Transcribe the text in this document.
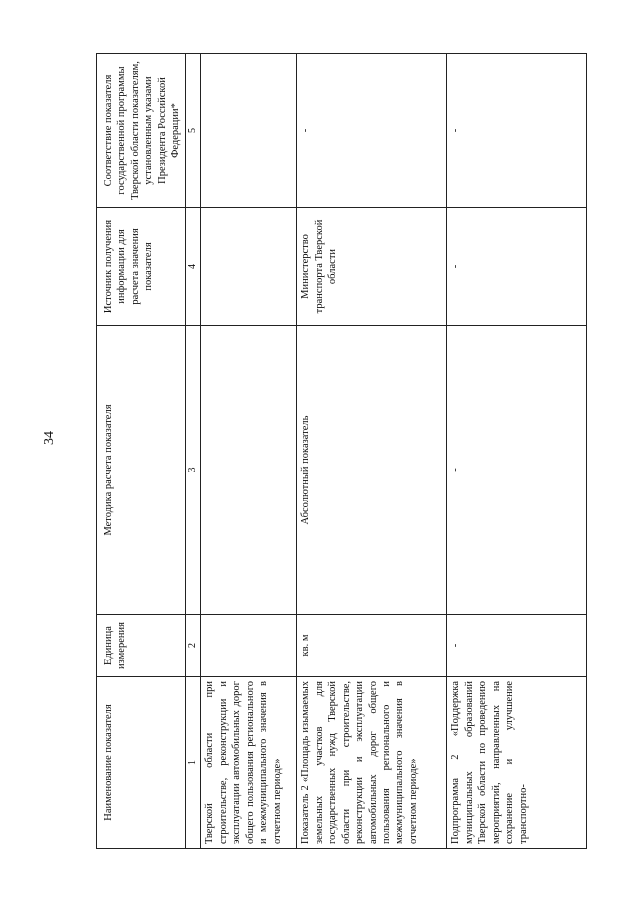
34
Наименование показателя	Единица измерения	Методика расчета показателя	Источник получения информации для расчета значения показателя	Соответствие показателя государственной программы Тверской области показателям, установленным указами Президента Российской Федерации*
1	2	3	4	5
Тверской области при строительстве, реконструкции и эксплуатации автомобильных дорог общего пользования регионального и межмуниципального значения в отчетном периоде»				
Показатель 2 «Площадь изымаемых земельных участков для государственных нужд Тверской области при строительстве, реконструкции и эксплуатации автомобильных дорог общего пользования регионального и межмуниципального значения в отчетном периоде»	кв. м	Абсолютный показатель	Министерство транспорта Тверской области	-
Подпрограмма 2 «Поддержка муниципальных образований Тверской области по проведению мероприятий, направленных на сохранение и улучшение транспортно-	-	-	-	-
